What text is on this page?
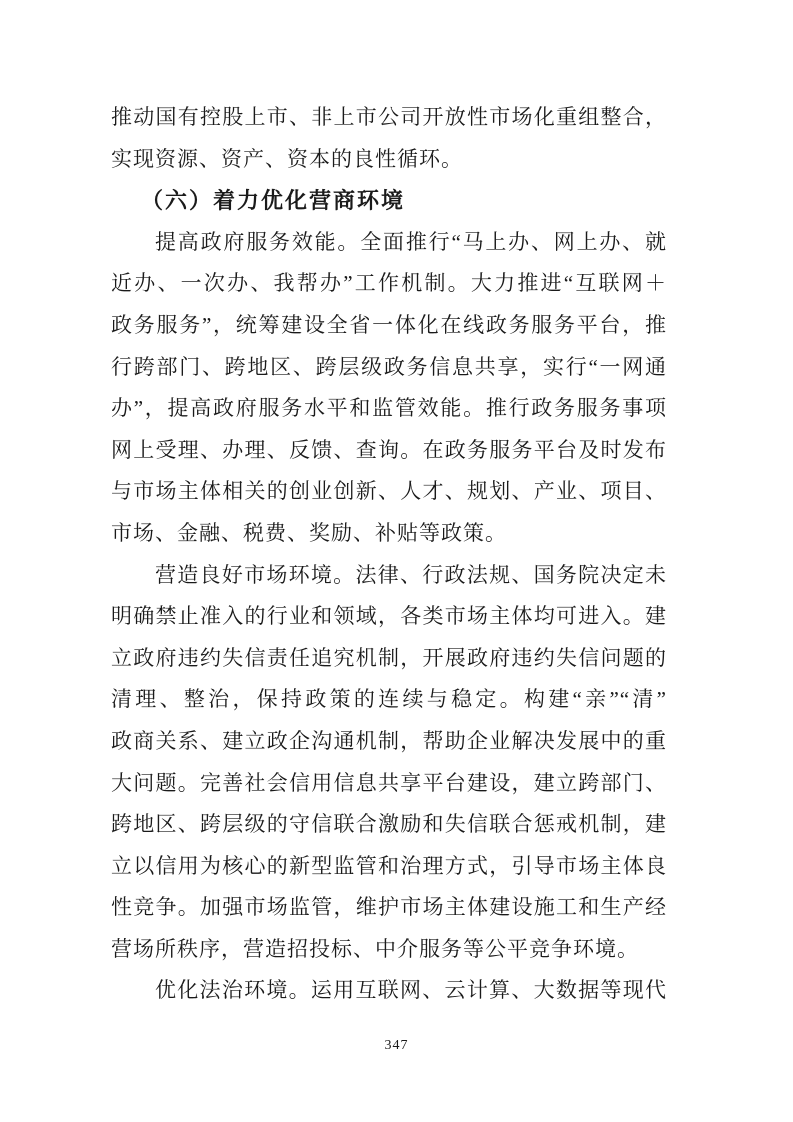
推动国有控股上市、非上市公司开放性市场化重组整合，
实现资源、资产、资本的良性循环。
（六）着力优化营商环境
提高政府服务效能。全面推行“马上办、网上办、就
近办、一次办、我帮办”工作机制。大力推进“互联网＋
政务服务”，统筹建设全省一体化在线政务服务平台，推
行跨部门、跨地区、跨层级政务信息共享，实行“一网通
办”，提高政府服务水平和监管效能。推行政务服务事项
网上受理、办理、反馈、查询。在政务服务平台及时发布
与市场主体相关的创业创新、人才、规划、产业、项目、
市场、金融、税费、奖励、补贴等政策。
营造良好市场环境。法律、行政法规、国务院决定未
明确禁止准入的行业和领域，各类市场主体均可进入。建
立政府违约失信责任追究机制，开展政府违约失信问题的
清理、整治，保持政策的连续与稳定。构建“亲”“清”
政商关系、建立政企沟通机制，帮助企业解决发展中的重
大问题。完善社会信用信息共享平台建设，建立跨部门、
跨地区、跨层级的守信联合激励和失信联合惩戒机制，建
立以信用为核心的新型监管和治理方式，引导市场主体良
性竞争。加强市场监管，维护市场主体建设施工和生产经
营场所秩序，营造招投标、中介服务等公平竞争环境。
优化法治环境。运用互联网、云计算、大数据等现代
347
